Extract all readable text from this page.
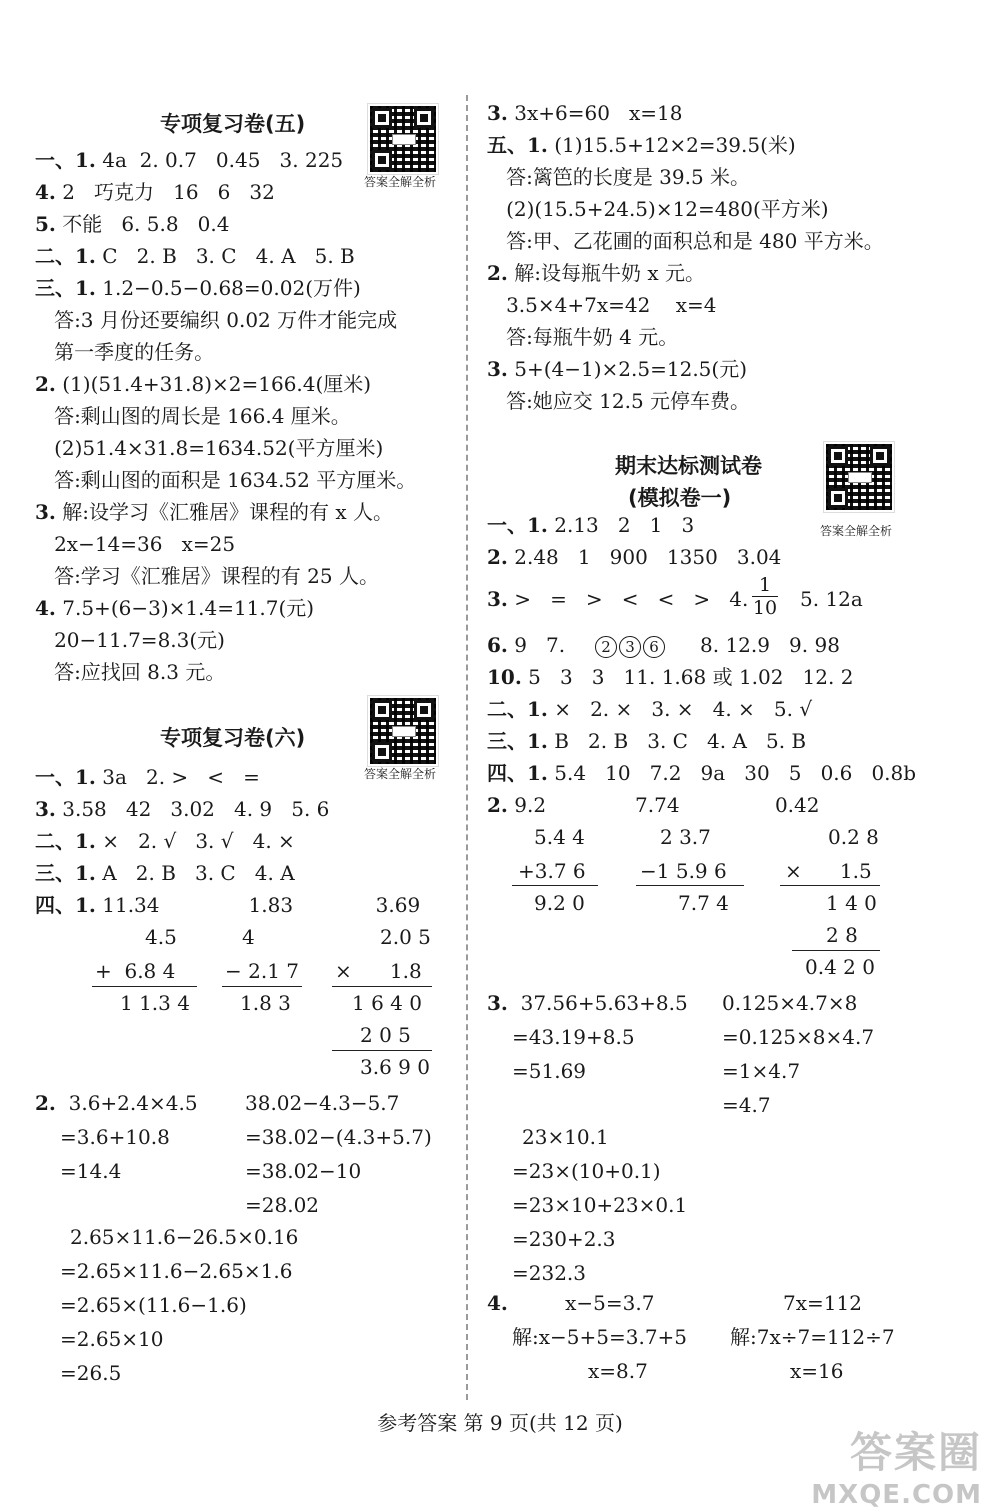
专项复习卷(五)
答案全解全析
一、1. 4a  2. 0.7   0.45   3. 225
4. 2   巧克力   16   6   32
5. 不能   6. 5.8   0.4
二、1. C   2. B   3. C   4. A   5. B
三、1. 1.2−0.5−0.68=0.02(万件)
答:3 月份还要编织 0.02 万件才能完成
第一季度的任务。
2. (1)(51.4+31.8)×2=166.4(厘米)
答:剩山图的周长是 166.4 厘米。
(2)51.4×31.8=1634.52(平方厘米)
答:剩山图的面积是 1634.52 平方厘米。
3. 解:设学习《汇雅居》课程的有 x 人。
2x−14=36   x=25
答:学习《汇雅居》课程的有 25 人。
4. 7.5+(6−3)×1.4=11.7(元)
20−11.7=8.3(元)
答:应找回 8.3 元。
专项复习卷(六)
答案全解全析
一、1. 3a   2. >   <   =
3. 3.58   42   3.02   4. 9   5. 6
二、1. ×   2. √   3. √   4. ×
三、1. A   2. B   3. C   4. A
四、1. 11.34              1.83             3.69
4.5
+  6.8 4
1 1.3 4
4
− 2.1 7
1.8 3
2.0 5
×      1.8
1 6 4 0
2 0 5
3.6 9 0
2.  3.6+2.4×4.5
=3.6+10.8
=14.4
38.02−4.3−5.7
=38.02−(4.3+5.7)
=38.02−10
=28.02
2.65×11.6−26.5×0.16
=2.65×11.6−2.65×1.6
=2.65×(11.6−1.6)
=2.65×10
=26.5
3. 3x+6=60   x=18
五、1. (1)15.5+12×2=39.5(米)
答:篱笆的长度是 39.5 米。
(2)(15.5+24.5)×12=480(平方米)
答:甲、乙花圃的面积总和是 480 平方米。
2. 解:设每瓶牛奶 x 元。
3.5×4+7x=42    x=4
答:每瓶牛奶 4 元。
3. 5+(4−1)×2.5=12.5(元)
答:她应交 12.5 元停车费。
期末达标测试卷
(模拟卷一)
答案全解全析
一、1. 2.13   2   1   3
2. 2.48   1   900   1350   3.04
3. >   =   >   <   <   >   4.
1
10 5. 12a
6. 9   7.	2 3 6	8. 12.9   9. 98
10. 5   3   3   11. 1.68 或 1.02   12. 2
二、1. ×   2. ×   3. ×   4. ×   5. √
三、1. B   2. B   3. C   4. A   5. B
四、1. 5.4   10   7.2   9a   30   5   0.6   0.8b
2. 9.2              7.74               0.42
5.4 4
+3.7 6
9.2 0
2 3.7
−1 5.9 6
7.7 4
0.2 8
×      1.5
1 4 0
2 8
0.4 2 0
3.  37.56+5.63+8.5
=43.19+8.5
=51.69
0.125×4.7×8
=0.125×8×4.7
=1×4.7
=4.7
23×10.1
=23×(10+0.1)
=23×10+23×0.1
=230+2.3
=232.3
4.         x−5=3.7
解:x−5+5=3.7+5
x=8.7
7x=112
解:7x÷7=112÷7
x=16
参考答案 第 9 页(共 12 页)
答案圈
MXQE.COM
